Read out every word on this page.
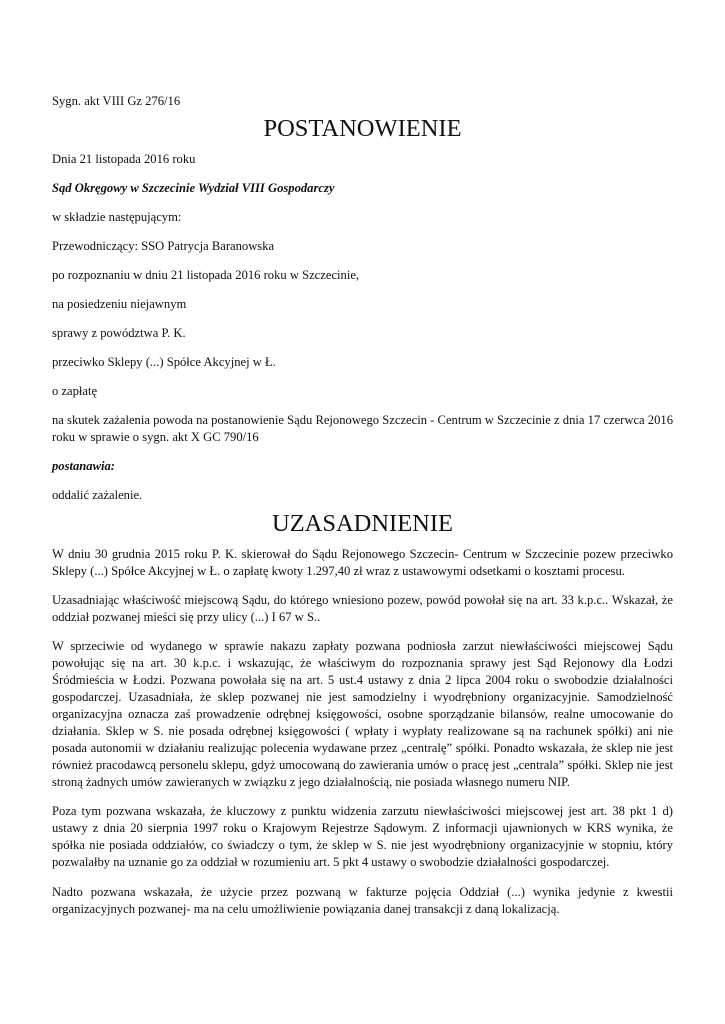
Sygn. akt VIII Gz 276/16

POSTANOWIENIE

Dnia 21 listopada 2016 roku

Sąd Okręgowy w Szczecinie Wydział VIII Gospodarczy

w składzie następującym:

Przewodniczący: SSO Patrycja Baranowska

po rozpoznaniu w dniu 21 listopada 2016 roku w Szczecinie,

na posiedzeniu niejawnym

sprawy z powództwa P. K.

przeciwko Sklepy (...) Spółce Akcyjnej w Ł.

o zapłatę

na skutek zażalenia powoda na postanowienie Sądu Rejonowego Szczecin - Centrum w Szczecinie z dnia 17 czerwca 2016 roku w sprawie o sygn. akt X GC 790/16

postanawia:

oddalić zażalenie.

UZASADNIENIE

W dniu 30 grudnia 2015 roku P. K. skierował do Sądu Rejonowego Szczecin- Centrum w Szczecinie pozew przeciwko Sklepy (...) Spółce Akcyjnej w Ł. o zapłatę kwoty 1.297,40 zł wraz z ustawowymi odsetkami o kosztami procesu.

Uzasadniając właściwość miejscową Sądu, do którego wniesiono pozew, powód powołał się na art. 33 k.p.c.. Wskazał, że oddział pozwanej mieści się przy ulicy (...) I 67 w S..

W sprzeciwie od wydanego w sprawie nakazu zapłaty pozwana podniosła zarzut niewłaściwości miejscowej Sądu powołując się na art. 30 k.p.c. i wskazując, że właściwym do rozpoznania sprawy jest Sąd Rejonowy dla Łodzi Śródmieścia w Łodzi. Pozwana powołała się na art. 5 ust.4 ustawy z dnia 2 lipca 2004 roku o swobodzie działalności gospodarczej. Uzasadniała, że sklep pozwanej nie jest samodzielny i wyodrębniony organizacyjnie. Samodzielność organizacyjna oznacza zaś prowadzenie odrębnej księgowości, osobne sporządzanie bilansów, realne umocowanie do działania. Sklep w S. nie posada odrębnej księgowości ( wpłaty i wypłaty realizowane są na rachunek spółki) ani nie posada autonomii w działaniu realizując polecenia wydawane przez „centralę” spółki. Ponadto wskazała, że sklep nie jest również pracodawcą personelu sklepu, gdyż umocowaną do zawierania umów o pracę jest „centrala” spółki. Sklep nie jest stroną żadnych umów zawieranych w związku z jego działalnością, nie posiada własnego numeru NIP.

Poza tym pozwana wskazała, że kluczowy z punktu widzenia zarzutu niewłaściwości miejscowej jest art. 38 pkt 1 d) ustawy z dnia 20 sierpnia 1997 roku o Krajowym Rejestrze Sądowym. Z informacji ujawnionych w KRS wynika, że spółka nie posiada oddziałów, co świadczy o tym, że sklep w S. nie jest wyodrębniony organizacyjnie w stopniu, który pozwalałby na uznanie go za oddział w rozumieniu art. 5 pkt 4 ustawy o swobodzie działalności gospodarczej.

Nadto pozwana wskazała, że użycie przez pozwaną w fakturze pojęcia Oddział (...) wynika jedynie z kwestii organizacyjnych pozwanej- ma na celu umożliwienie powiązania danej transakcji z daną lokalizacją.
